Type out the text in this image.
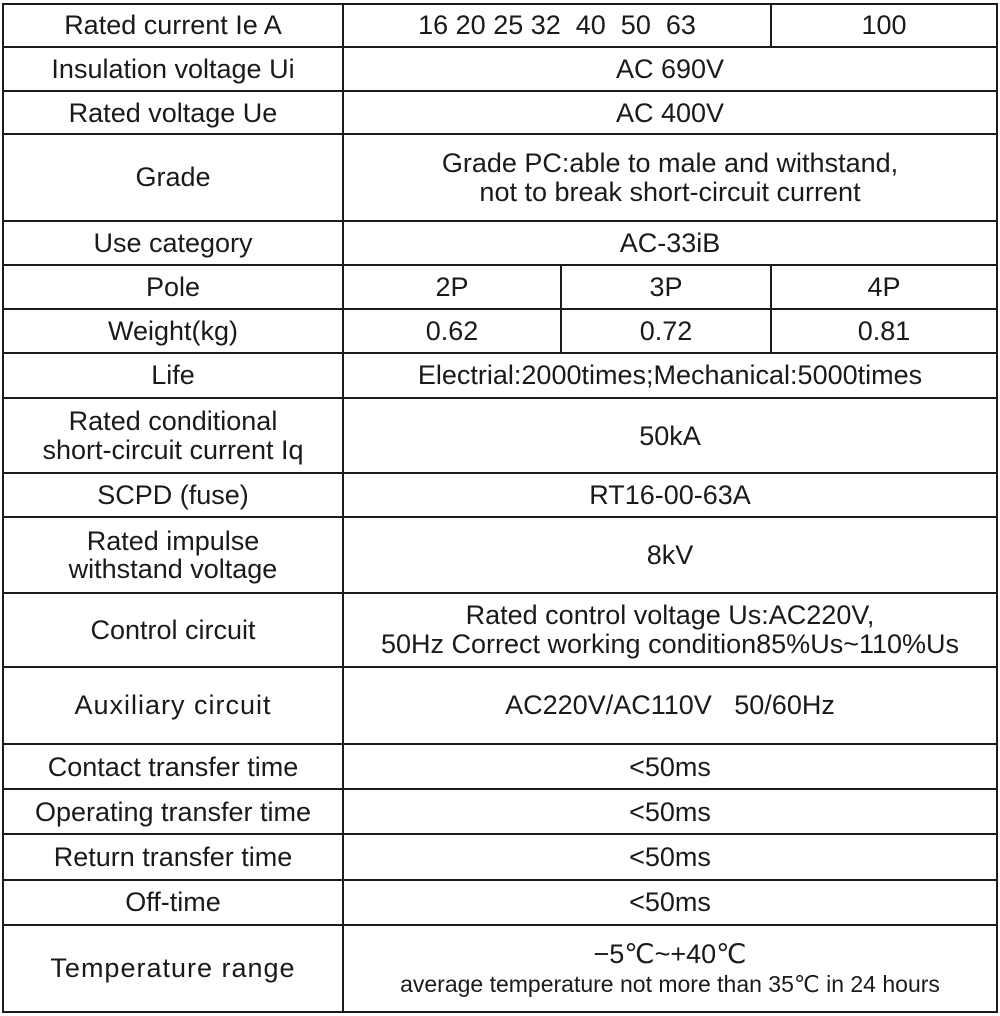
Rated current Ie A	16 20 25 32  40  50  63		100
Insulation voltage Ui	AC 690V		
Rated voltage Ue	AC 400V		
Grade	Grade PC:able to male and withstand,
not to break short-circuit current		

Use category	AC-33iB		
Pole	2P	3P	4P
Weight(kg)	0.62	0.72	0.81
Life	Electrial:2000times;Mechanical:5000times		

Rated conditional
short-circuit current Iq	50kA		
SCPD (fuse)	RT16-00-63A		

Rated impulse
withstand voltage	8kV		
Control circuit	Rated control voltage Us:AC220V,
50Hz Correct working condition85%Us~110%Us		

Auxiliary circuit	AC220V/AC110V   50/60Hz		
Contact transfer time	<50ms		
Operating transfer time	<50ms		
Return transfer time	<50ms		
Off-time	<50ms		
Temperature range	−5℃~+40℃
average temperature not more than 35℃ in 24 hours		
